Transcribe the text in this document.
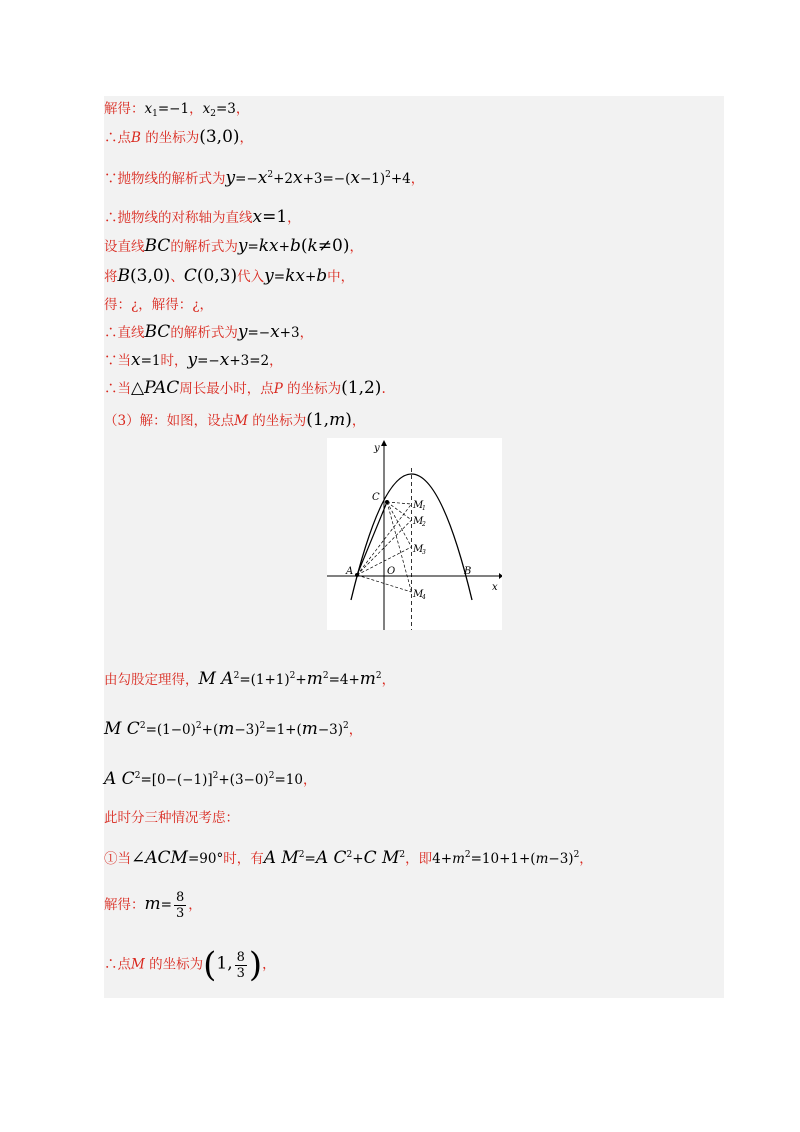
解得：$x_1=-1$，$x_2=3$，
∴点B 的坐标为(3,0)，
∵抛物线的解析式为$y=-x^2+2x+3=-(x-1)^2+4$，
∴抛物线的对称轴为直线x=1，
设直线BC的解析式为y=kx+b(k≠0)，
将B(3,0)、C(0,3)代入y=kx+b中，
得：¿，解得：¿，
∴直线BC的解析式为y=−x+3，
∵当x=1时，y=−x+3=2，
∴当△PAC周长最小时，点P 的坐标为(1,2).
（3）解：如图，设点M 的坐标为(1,m)，
y
x
C
A	O	B
M
1
M
2
M
3
M
4
由勾股定理得，M $A^2=(1+1)^2+m^2=4+m^2$，
M $C^2=(1-0)^2+(m-3)^2=1+(m-3)^2$，
A $C^2=[0-(-1)]^2+(3-0)^2=10$，
此时分三种情况考虑：
①当∠ACM=90°时，有A $M^2=A$ $C^2+C$ $M^2$，即$4+m^2=10+1+(m-3)^2$，
解得：$m= \frac{8}{3}$ ，
∴点M 的坐标为(1, $\frac{8}{3}$ )，
